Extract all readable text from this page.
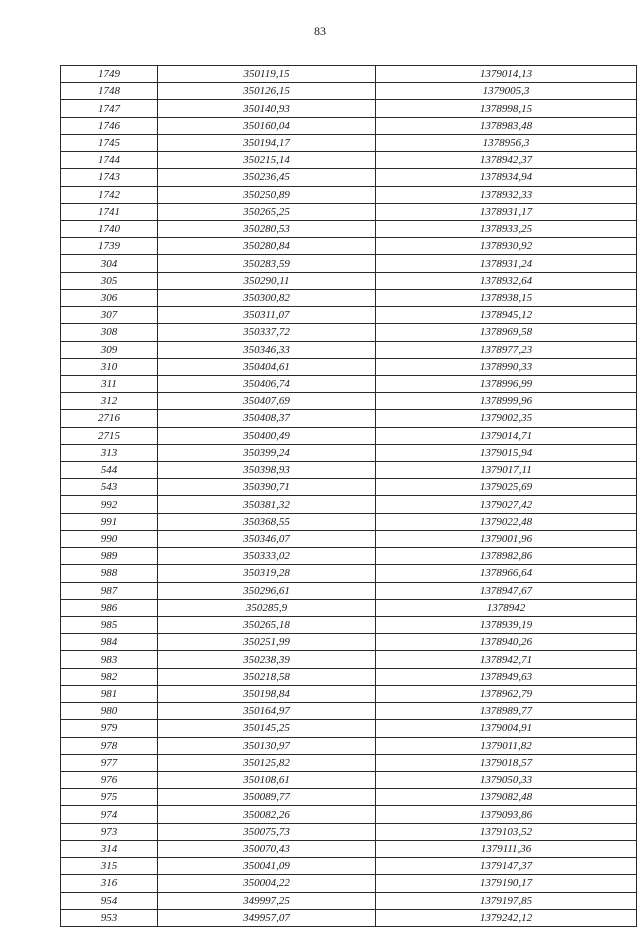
83
1749	350119,15	1379014,13
1748	350126,15	1379005,3
1747	350140,93	1378998,15
1746	350160,04	1378983,48
1745	350194,17	1378956,3
1744	350215,14	1378942,37
1743	350236,45	1378934,94
1742	350250,89	1378932,33
1741	350265,25	1378931,17
1740	350280,53	1378933,25
1739	350280,84	1378930,92
304	350283,59	1378931,24
305	350290,11	1378932,64
306	350300,82	1378938,15
307	350311,07	1378945,12
308	350337,72	1378969,58
309	350346,33	1378977,23
310	350404,61	1378990,33
311	350406,74	1378996,99
312	350407,69	1378999,96
2716	350408,37	1379002,35
2715	350400,49	1379014,71
313	350399,24	1379015,94
544	350398,93	1379017,11
543	350390,71	1379025,69
992	350381,32	1379027,42
991	350368,55	1379022,48
990	350346,07	1379001,96
989	350333,02	1378982,86
988	350319,28	1378966,64
987	350296,61	1378947,67
986	350285,9	1378942
985	350265,18	1378939,19
984	350251,99	1378940,26
983	350238,39	1378942,71
982	350218,58	1378949,63
981	350198,84	1378962,79
980	350164,97	1378989,77
979	350145,25	1379004,91
978	350130,97	1379011,82
977	350125,82	1379018,57
976	350108,61	1379050,33
975	350089,77	1379082,48
974	350082,26	1379093,86
973	350075,73	1379103,52
314	350070,43	1379111,36
315	350041,09	1379147,37
316	350004,22	1379190,17
954	349997,25	1379197,85
953	349957,07	1379242,12
